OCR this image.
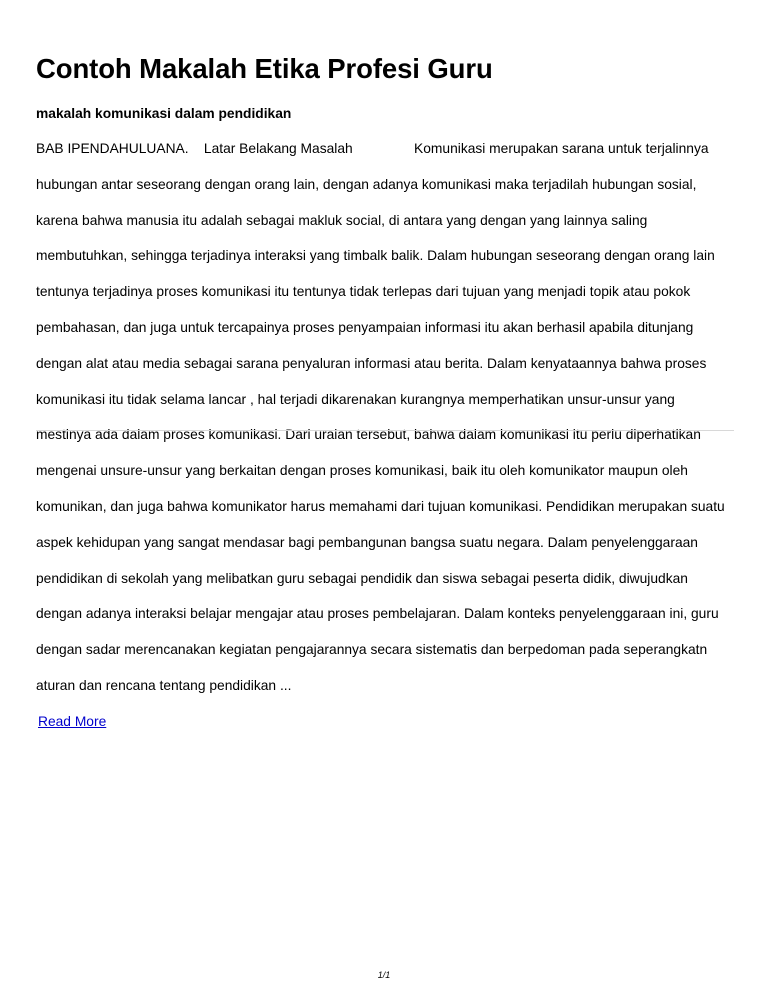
Contoh Makalah Etika Profesi Guru
makalah komunikasi dalam pendidikan

BAB IPENDAHULUANA.    Latar Belakang Masalah                Komunikasi merupakan sarana untuk terjalinnya

hubungan antar seseorang dengan orang lain, dengan adanya komunikasi maka terjadilah hubungan sosial,

karena bahwa manusia itu adalah sebagai makluk social, di antara yang dengan yang lainnya saling

membutuhkan, sehingga terjadinya interaksi yang timbalk balik. Dalam hubungan seseorang dengan orang lain

tentunya terjadinya proses komunikasi itu tentunya tidak terlepas dari tujuan yang menjadi topik atau pokok

pembahasan, dan juga untuk tercapainya proses penyampaian informasi itu akan berhasil apabila ditunjang

dengan alat atau media sebagai sarana penyaluran informasi atau berita. Dalam kenyataannya bahwa proses

komunikasi itu tidak selama lancar , hal terjadi dikarenakan kurangnya memperhatikan unsur-unsur yang

mestinya ada dalam proses komunikasi. Dari uraian tersebut, bahwa dalam komunikasi itu perlu diperhatikan

mengenai unsure-unsur yang berkaitan dengan proses komunikasi, baik itu oleh komunikator maupun oleh

komunikan, dan juga bahwa komunikator harus memahami dari tujuan komunikasi. Pendidikan merupakan suatu

aspek kehidupan yang sangat mendasar bagi pembangunan bangsa suatu negara. Dalam penyelenggaraan

pendidikan di sekolah yang melibatkan guru sebagai pendidik dan siswa sebagai peserta didik, diwujudkan

dengan adanya interaksi belajar mengajar atau proses pembelajaran. Dalam konteks penyelenggaraan ini, guru

dengan sadar merencanakan kegiatan pengajarannya secara sistematis dan berpedoman pada seperangkatn

aturan dan rencana tentang pendidikan ...

Read More
1/1
